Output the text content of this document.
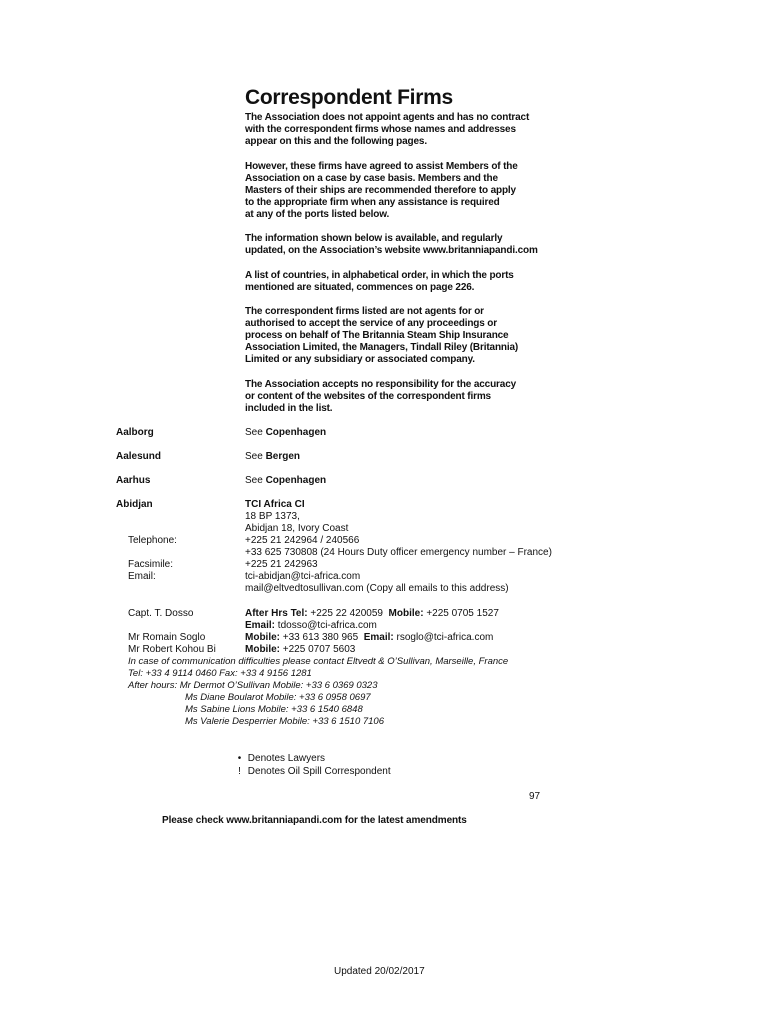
Correspondent Firms

The Association does not appoint agents and has no contract
with the correspondent firms whose names and addresses
appear on this and the following pages.

However, these firms have agreed to assist Members of the
Association on a case by case basis. Members and the
Masters of their ships are recommended therefore to apply
to the appropriate firm when any assistance is required
at any of the ports listed below.

The information shown below is available, and regularly
updated, on the Association’s website www.britanniapandi.com

A list of countries, in alphabetical order, in which the ports
mentioned are situated, commences on page 226.

The correspondent firms listed are not agents for or
authorised to accept the service of any proceedings or
process on behalf of The Britannia Steam Ship Insurance
Association Limited, the Managers, Tindall Riley (Britannia)
Limited or any subsidiary or associated company.

The Association accepts no responsibility for the accuracy
or content of the websites of the correspondent firms
included in the list.

Aalborg	See Copenhagen
Aalesund	See Bergen
Aarhus	See Copenhagen
Abidjan	TCI Africa CI
18 BP 1373,
Abidjan 18, Ivory Coast
Telephone:	+225 21 242964 / 240566
+33 625 730808 (24 Hours Duty officer emergency number – France)
Facsimile:	+225 21 242963
Email:	tci-abidjan@tci-africa.com
mail@eltvedtosullivan.com (Copy all emails to this address)
Capt. T. Dosso	After Hrs Tel: +225 22 420059 Mobile: +225 0705 1527
Email: tdosso@tci-africa.com
Mr Romain Soglo	Mobile: +33 613 380 965 Email: rsoglo@tci-africa.com
Mr Robert Kohou Bi	Mobile: +225 0707 5603
In case of communication difficulties please contact Eltvedt & O’Sullivan, Marseille, France
Tel: +33 4 9114 0460 Fax: +33 4 9156 1281
After hours: Mr Dermot O’Sullivan Mobile: +33 6 0369 0323
Ms Diane Boularot Mobile: +33 6 0958 0697
Ms Sabine Lions Mobile: +33 6 1540 6848
Ms Valerie Desperrier Mobile: +33 6 1510 7106
• Denotes Lawyers
! Denotes Oil Spill Correspondent
97
Please check www.britanniapandi.com for the latest amendments
Updated 20/02/2017
